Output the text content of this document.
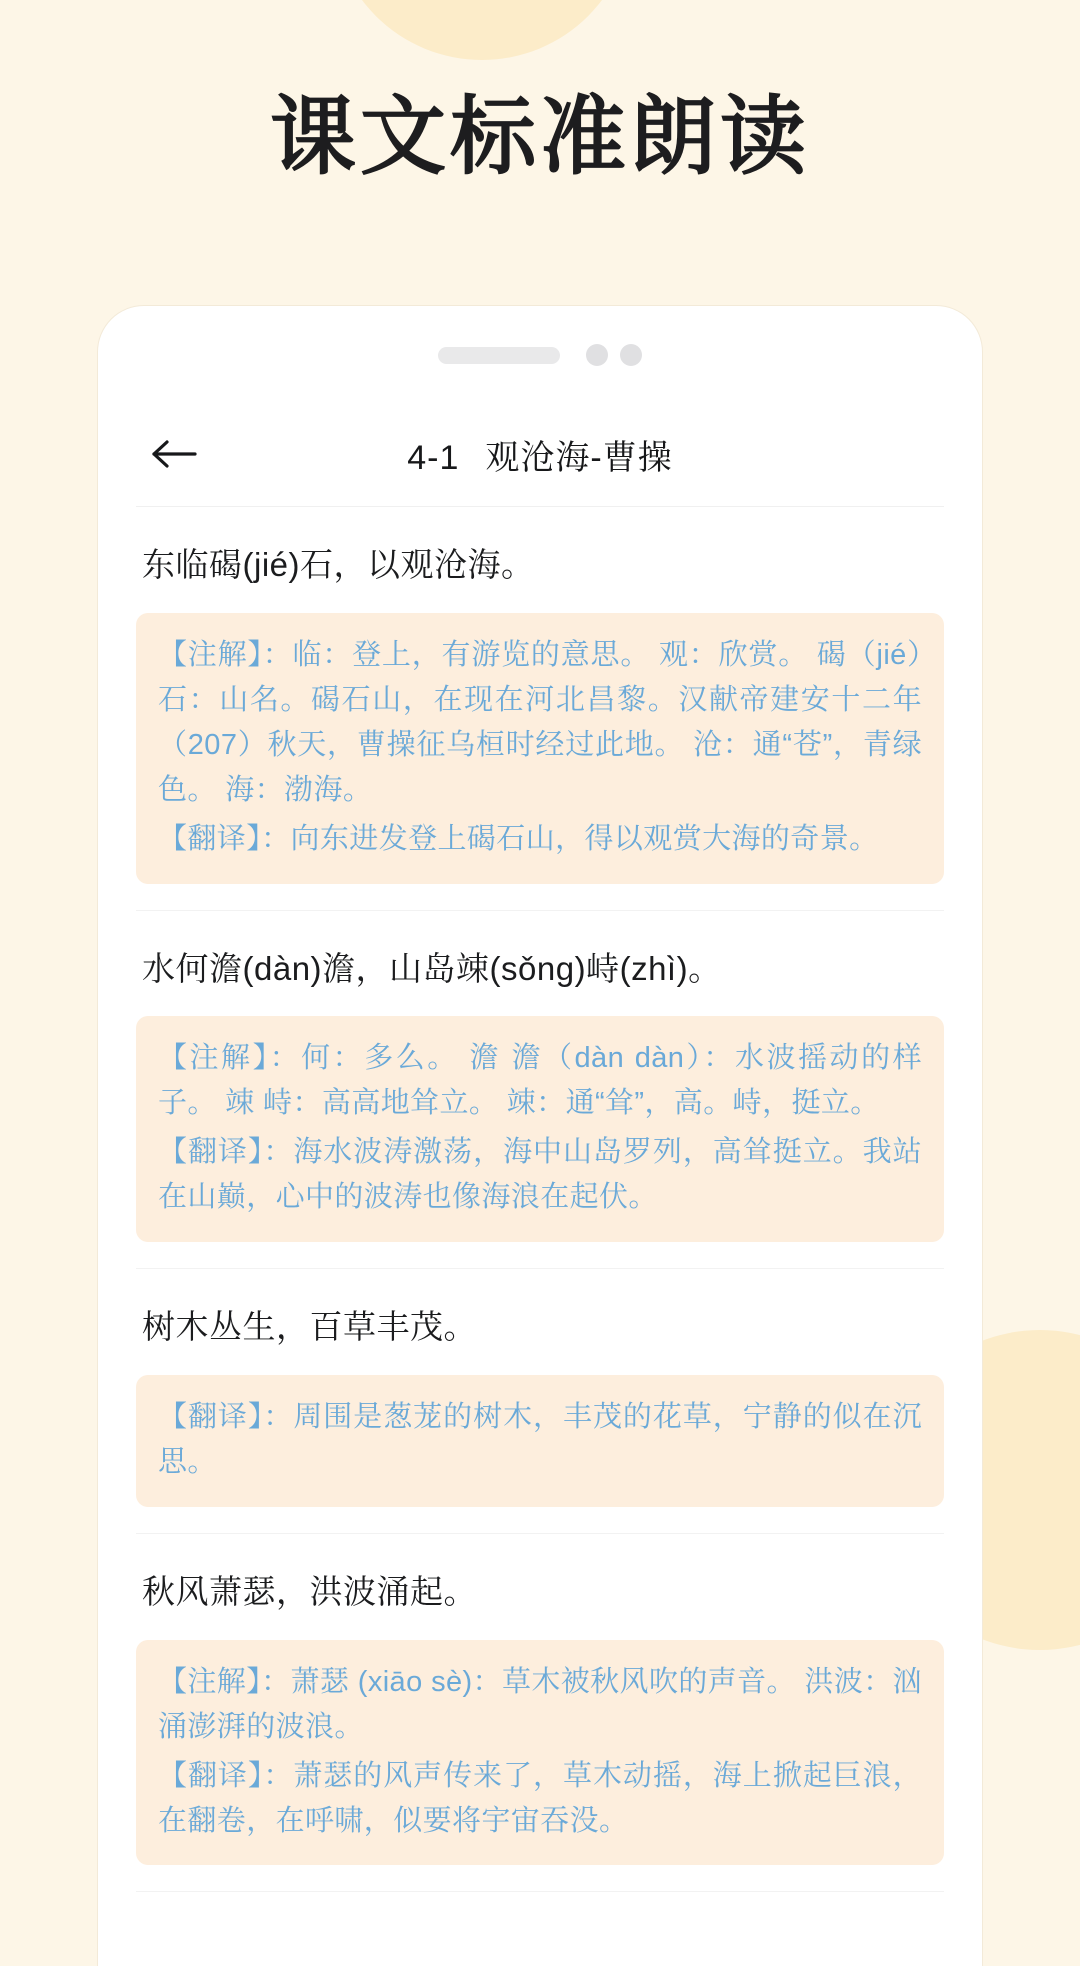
课文标准朗读
4-1 观沧海-曹操
东临碣(jié)石，以观沧海。
【注解】：临：登上，有游览的意思。 观：欣赏。 碣（jié）石：山名。碣石山，在现在河北昌黎。汉献帝建安十二年（207）秋天，曹操征乌桓时经过此地。 沧：通“苍”，青绿色。 海：渤海。
【翻译】：向东进发登上碣石山，得以观赏大海的奇景。
水何澹(dàn)澹，山岛竦(sǒng)峙(zhì)。
【注解】：何：多么。 澹 澹（dàn dàn）：水波摇动的样子。 竦 峙：高高地耸立。 竦：通“耸”，高。峙，挺立。
【翻译】：海水波涛激荡，海中山岛罗列，高耸挺立。我站在山巅，心中的波涛也像海浪在起伏。
树木丛生，百草丰茂。
【翻译】：周围是葱茏的树木，丰茂的花草，宁静的似在沉思。
秋风萧瑟，洪波涌起。
【注解】：萧瑟 (xiāo sè)：草木被秋风吹的声音。 洪波：汹涌澎湃的波浪。
【翻译】：萧瑟的风声传来了，草木动摇，海上掀起巨浪，在翻卷，在呼啸，似要将宇宙吞没。
